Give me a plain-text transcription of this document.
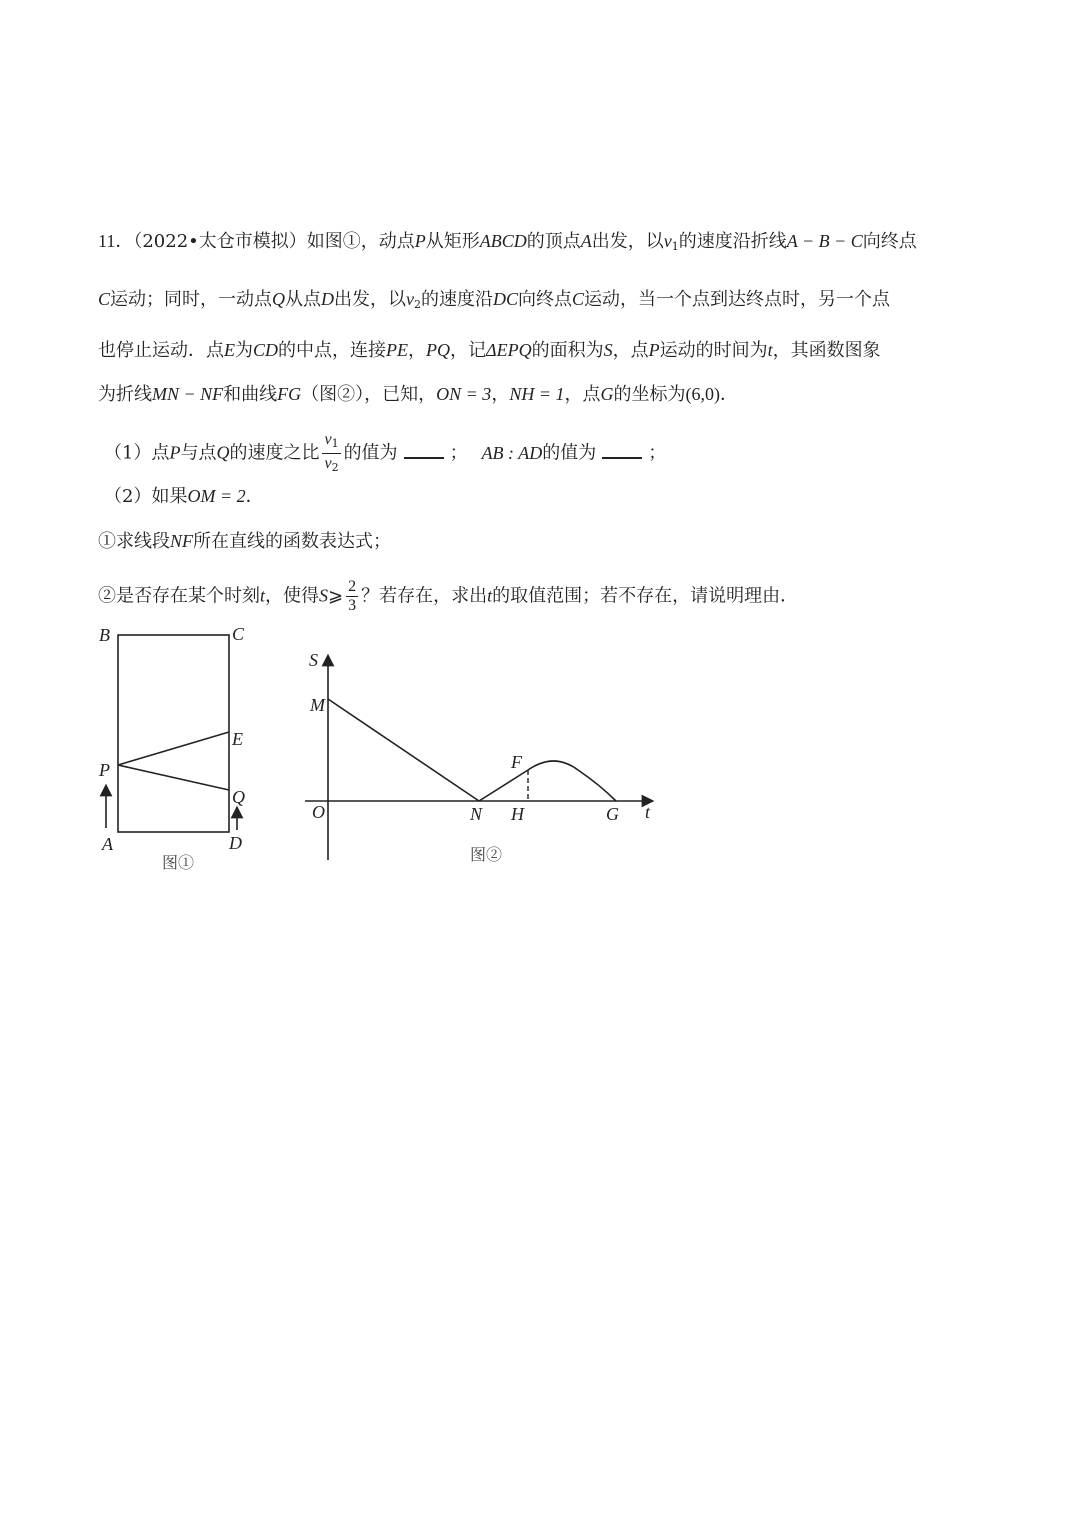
11．（2022•太仓市模拟）如图①，动点P从矩形ABCD的顶点A出发，以$v_1$的速度沿折线A − B − C向终点
C运动；同时，一动点Q从点D出发，以$v_2$的速度沿DC向终点C运动，当一个点到达终点时，另一个点
也停止运动．点E为CD的中点，连接PE，PQ，记ΔEPQ的面积为S，点P运动的时间为t，其函数图象
为折线MN − NF和曲线FG（图②），已知，ON = 3，NH = 1，点G的坐标为(6,0)．
（1）点P与点Q的速度之比 $\frac{v_1}{v_2}$ 的值为	； AB : AD的值为	；
（2）如果OM = 2．
①求线段NF所在直线的函数表达式；
②是否存在某个时刻t，使得S⩾ $\frac{2}{3}$ ？若存在，求出t的取值范围；若不存在，请说明理由．
B	C
E
P
Q
A	D
图①
S
M
F
O	N H	G t
图②
